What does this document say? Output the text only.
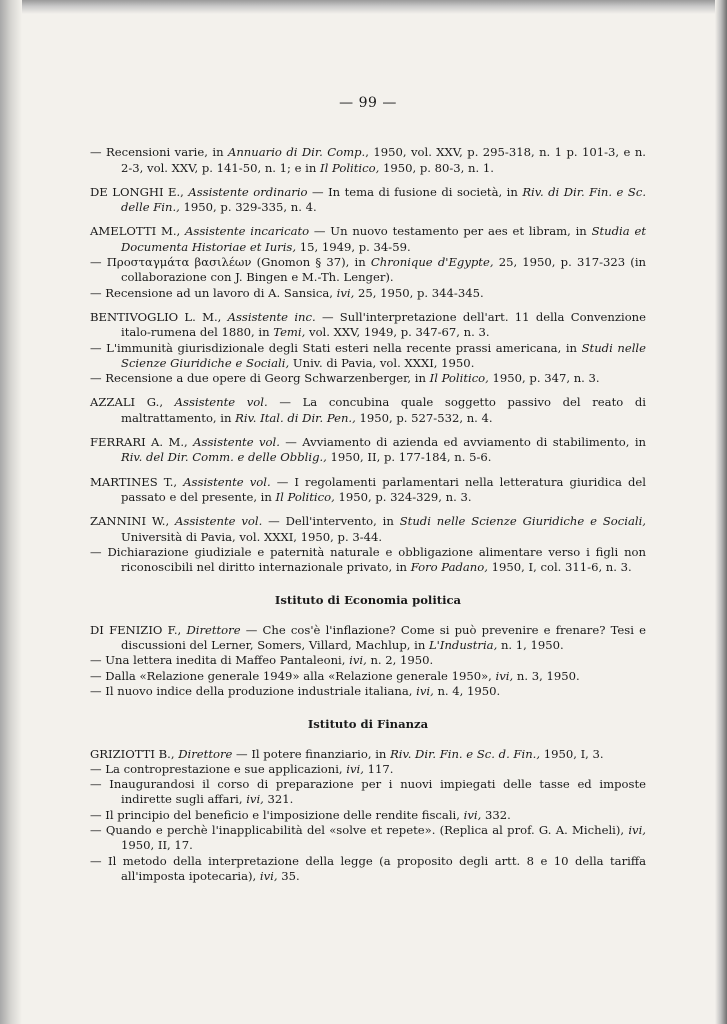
— 99 —
— Recensioni varie, in Annuario di Dir. Comp., 1950, vol. XXV, p. 295-318, n. 1 p. 101-3, e n. 2-3, vol. XXV, p. 141-50, n. 1; e in Il Politico, 1950, p. 80-3, n. 1.
DE LONGHI E., Assistente ordinario — In tema di fusione di società, in Riv. di Dir. Fin. e Sc. delle Fin., 1950, p. 329-335, n. 4.
AMELOTTI M., Assistente incaricato — Un nuovo testamento per aes et libram, in Studia et Documenta Historiae et Iuris, 15, 1949, p. 34-59.
— Προσταγμάτα βασιλέων (Gnomon § 37), in Chronique d'Egypte, 25, 1950, p. 317-323 (in collaborazione con J. Bingen e M.-Th. Lenger).
— Recensione ad un lavoro di A. Sansica, ivi, 25, 1950, p. 344-345.
BENTIVOGLIO L. M., Assistente inc. — Sull'interpretazione dell'art. 11 della Convenzione italo-rumena del 1880, in Temi, vol. XXV, 1949, p. 347-67, n. 3.
— L'immunità giurisdizionale degli Stati esteri nella recente prassi americana, in Studi nelle Scienze Giuridiche e Sociali, Univ. di Pavia, vol. XXXI, 1950.
— Recensione a due opere di Georg Schwarzenberger, in Il Politico, 1950, p. 347, n. 3.
AZZALI G., Assistente vol. — La concubina quale soggetto passivo del reato di maltrattamento, in Riv. Ital. di Dir. Pen., 1950, p. 527-532, n. 4.
FERRARI A. M., Assistente vol. — Avviamento di azienda ed avviamento di stabilimento, in Riv. del Dir. Comm. e delle Obblig., 1950, II, p. 177-184, n. 5-6.
MARTINES T., Assistente vol. — I regolamenti parlamentari nella letteratura giuridica del passato e del presente, in Il Politico, 1950, p. 324-329, n. 3.
ZANNINI W., Assistente vol. — Dell'intervento, in Studi nelle Scienze Giuridiche e Sociali, Università di Pavia, vol. XXXI, 1950, p. 3-44.
— Dichiarazione giudiziale e paternità naturale e obbligazione alimentare verso i figli non riconoscibili nel diritto internazionale privato, in Foro Padano, 1950, I, col. 311-6, n. 3.
Istituto di Economia politica
DI FENIZIO F., Direttore — Che cos'è l'inflazione? Come si può prevenire e frenare? Tesi e discussioni del Lerner, Somers, Villard, Machlup, in L'Industria, n. 1, 1950.
— Una lettera inedita di Maffeo Pantaleoni, ivi, n. 2, 1950.
— Dalla «Relazione generale 1949» alla «Relazione generale 1950», ivi, n. 3, 1950.
— Il nuovo indice della produzione industriale italiana, ivi, n. 4, 1950.
Istituto di Finanza
GRIZIOTTI B., Direttore — Il potere finanziario, in Riv. Dir. Fin. e Sc. d. Fin., 1950, I, 3.
— La controprestazione e sue applicazioni, ivi, 117.
— Inaugurandosi il corso di preparazione per i nuovi impiegati delle tasse ed imposte indirette sugli affari, ivi, 321.
— Il principio del beneficio e l'imposizione delle rendite fiscali, ivi, 332.
— Quando e perchè l'inapplicabilità del «solve et repete». (Replica al prof. G. A. Micheli), ivi, 1950, II, 17.
— Il metodo della interpretazione della legge (a proposito degli artt. 8 e 10 della tariffa all'imposta ipotecaria), ivi, 35.
